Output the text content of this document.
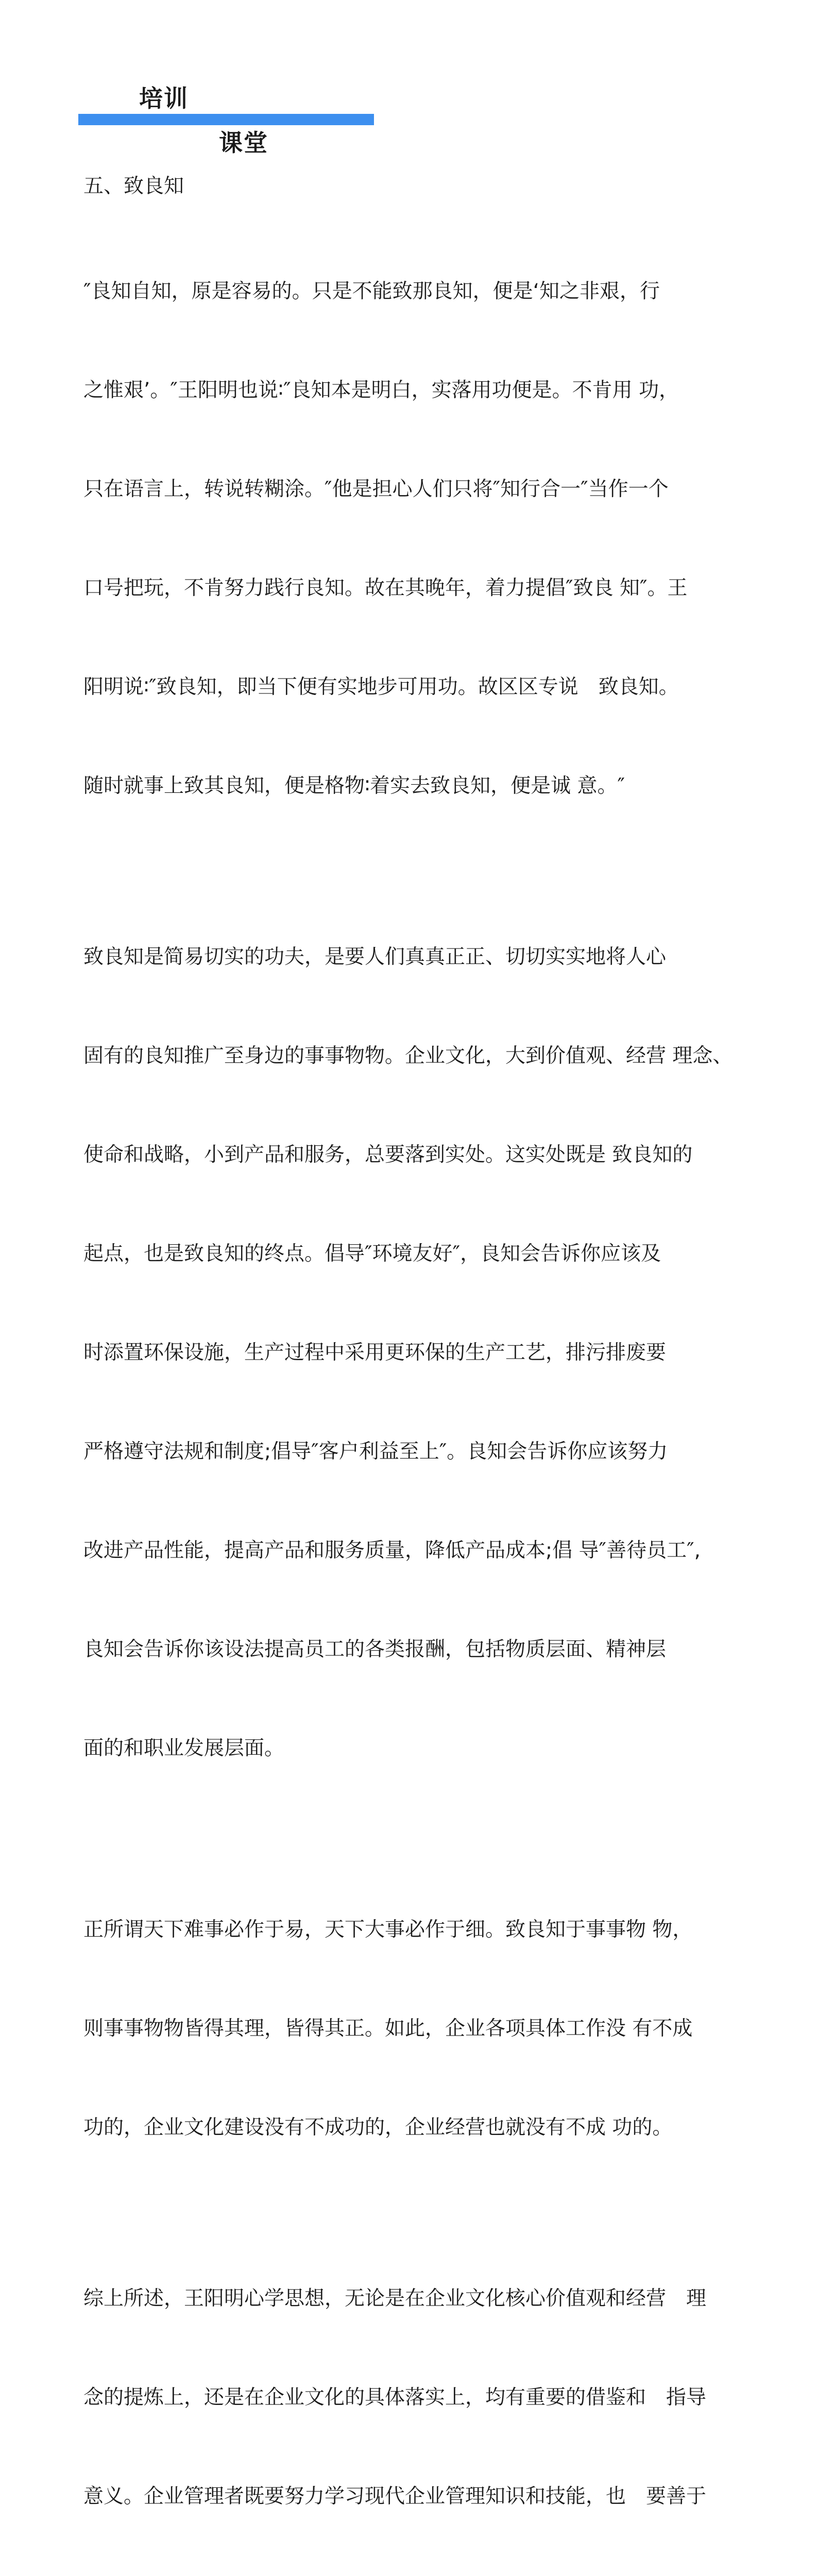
培训
课堂

五、致良知

″良知自知，原是容易的。只是不能致那良知，便是‘知之非艰，行

之惟艰’。″王阳明也说∶″良知本是明白，实落用功便是。不肯用 功，

只在语言上，转说转糊涂。″他是担心人们只将″知行合一″当作一个

口号把玩，不肯努力践行良知。故在其晚年，着力提倡″致良 知″。王

阳明说∶″致良知，即当下便有实地步可用功。故区区专说　致良知。

随时就事上致其良知，便是格物∶着实去致良知，便是诚 意。″

致良知是简易切实的功夫，是要人们真真正正、切切实实地将人心

固有的良知推广至身边的事事物物。企业文化，大到价值观、经营 理念、

使命和战略，小到产品和服务，总要落到实处。这实处既是 致良知的

起点，也是致良知的终点。倡导″环境友好″，良知会告诉你应该及

时添置环保设施，生产过程中采用更环保的生产工艺，排污排废要

严格遵守法规和制度;倡导″客户利益至上″。良知会告诉你应该努力

改进产品性能，提高产品和服务质量，降低产品成本;倡 导″善待员工″,

良知会告诉你该设法提高员工的各类报酬，包括物质层面、精神层

面的和职业发展层面。

正所谓天下难事必作于易，天下大事必作于细。致良知于事事物 物，

则事事物物皆得其理，皆得其正。如此，企业各项具体工作没 有不成

功的，企业文化建设没有不成功的，企业经营也就没有不成 功的。

综上所述，王阳明心学思想，无论是在企业文化核心价值观和经营　理

念的提炼上，还是在企业文化的具体落实上，均有重要的借鉴和　指导

意义。企业管理者既要努力学习现代企业管理知识和技能，也　要善于
